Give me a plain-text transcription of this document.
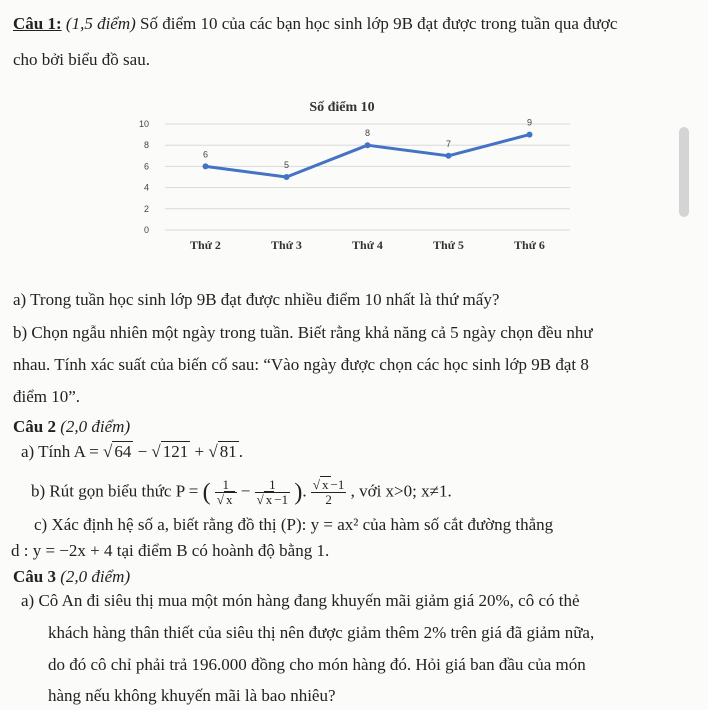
Câu 1: (1,5 điểm) Số điểm 10 của các bạn học sinh lớp 9B đạt được trong tuần qua được
cho bởi biểu đồ sau.
Số điểm 10
0
2
4
6
8
10
6
5
8
7
9
Thứ 2	Thứ 3	Thứ 4	Thứ 5	Thứ 6
a) Trong tuần học sinh lớp 9B đạt được nhiều điểm 10 nhất là thứ mấy?
b) Chọn ngẫu nhiên một ngày trong tuần. Biết rằng khả năng cả 5 ngày chọn đều như
nhau. Tính xác suất của biến cố sau: “Vào ngày được chọn các học sinh lớp 9B đạt 8
điểm 10”.
Câu 2 (2,0 điểm)
a) Tính A = √ 64 − √ 121 + √ 81 .
b) Rút gọn biểu thức P = ( $\frac{1}{√ x} - \frac{1}{√ x -1}$ ). $\frac{√ x -1}{2}$ , với x>0; x≠1.
c) Xác định hệ số a, biết rằng đồ thị (P): y = ax² của hàm số cắt đường thẳng
d : y = −2x + 4 tại điểm B có hoành độ bằng 1.
Câu 3 (2,0 điểm)
a) Cô An đi siêu thị mua một món hàng đang khuyến mãi giảm giá 20%, cô có thẻ
khách hàng thân thiết của siêu thị nên được giảm thêm 2% trên giá đã giảm nữa,
do đó cô chỉ phải trả 196.000 đồng cho món hàng đó. Hỏi giá ban đầu của món
hàng nếu không khuyến mãi là bao nhiêu?
